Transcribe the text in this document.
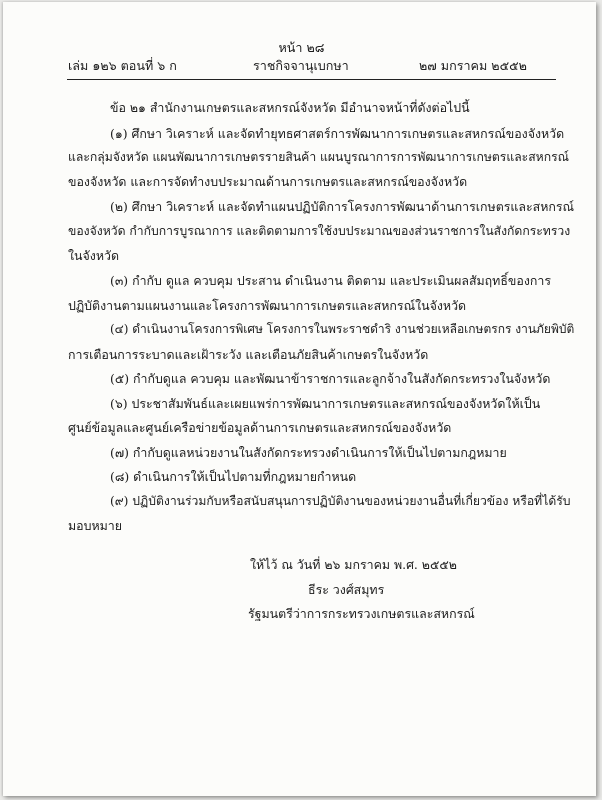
หน้า ๒๘
เล่ม ๑๒๖ ตอนที่ ๖ ก	ราชกิจจานุเบกษา	๒๗ มกราคม ๒๕๕๒
ข้อ ๒๑ สำนักงานเกษตรและสหกรณ์จังหวัด มีอำนาจหน้าที่ดังต่อไปนี้
(๑) ศึกษา วิเคราะห์ และจัดทำยุทธศาสตร์การพัฒนาการเกษตรและสหกรณ์ของจังหวัด
และกลุ่มจังหวัด แผนพัฒนาการเกษตรรายสินค้า แผนบูรณาการการพัฒนาการเกษตรและสหกรณ์
ของจังหวัด และการจัดทำงบประมาณด้านการเกษตรและสหกรณ์ของจังหวัด
(๒) ศึกษา วิเคราะห์ และจัดทำแผนปฏิบัติการโครงการพัฒนาด้านการเกษตรและสหกรณ์
ของจังหวัด กำกับการบูรณาการ และติดตามการใช้งบประมาณของส่วนราชการในสังกัดกระทรวง
ในจังหวัด
(๓) กำกับ ดูแล ควบคุม ประสาน ดำเนินงาน ติดตาม และประเมินผลสัมฤทธิ์ของการ
ปฏิบัติงานตามแผนงานและโครงการพัฒนาการเกษตรและสหกรณ์ในจังหวัด
(๔) ดำเนินงานโครงการพิเศษ โครงการในพระราชดำริ งานช่วยเหลือเกษตรกร งานภัยพิบัติ
การเตือนการระบาดและเฝ้าระวัง และเตือนภัยสินค้าเกษตรในจังหวัด
(๕) กำกับดูแล ควบคุม และพัฒนาข้าราชการและลูกจ้างในสังกัดกระทรวงในจังหวัด
(๖) ประชาสัมพันธ์และเผยแพร่การพัฒนาการเกษตรและสหกรณ์ของจังหวัดให้เป็น
ศูนย์ข้อมูลและศูนย์เครือข่ายข้อมูลด้านการเกษตรและสหกรณ์ของจังหวัด
(๗) กำกับดูแลหน่วยงานในสังกัดกระทรวงดำเนินการให้เป็นไปตามกฎหมาย
(๘) ดำเนินการให้เป็นไปตามที่กฎหมายกำหนด
(๙) ปฏิบัติงานร่วมกับหรือสนับสนุนการปฏิบัติงานของหน่วยงานอื่นที่เกี่ยวข้อง หรือที่ได้รับ
มอบหมาย
ให้ไว้ ณ วันที่ ๒๖ มกราคม พ.ศ. ๒๕๕๒
ธีระ วงศ์สมุทร
รัฐมนตรีว่าการกระทรวงเกษตรและสหกรณ์
